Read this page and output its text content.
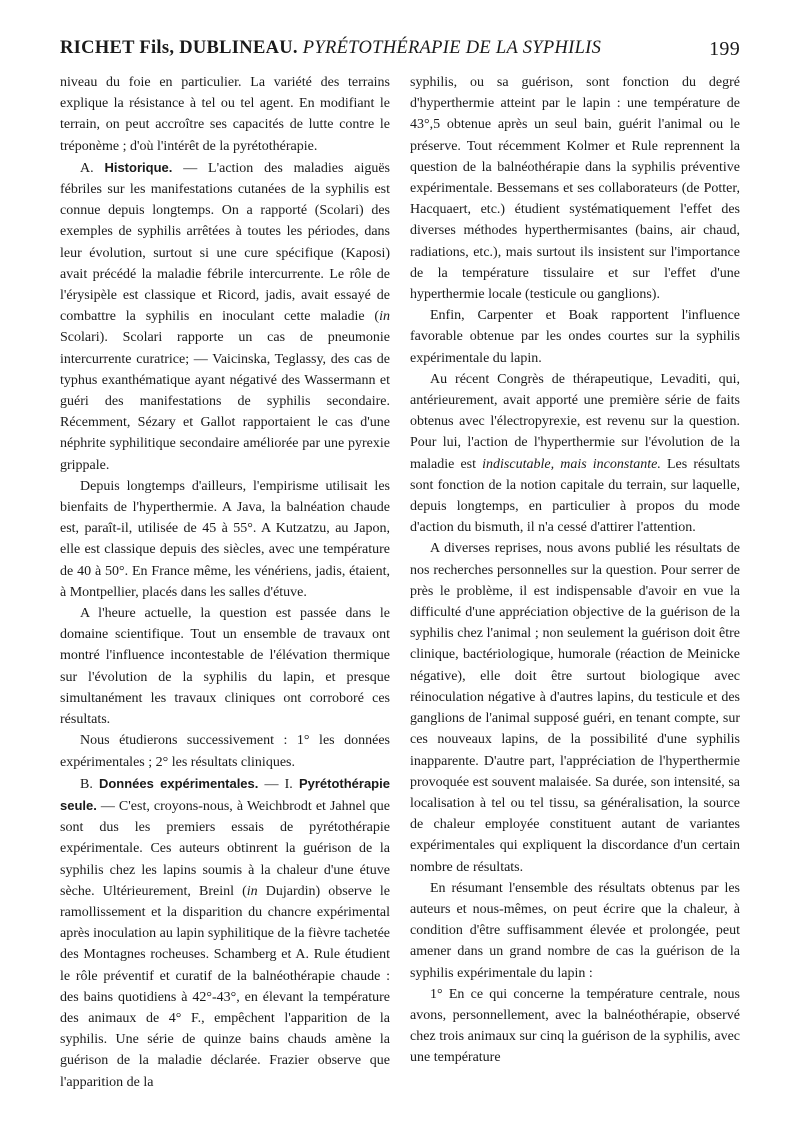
RICHET Fils, DUBLINEAU. PYRÉTOTHÉRAPIE DE LA SYPHILIS	199

niveau du foie en particulier. La variété des terrains explique la résistance à tel ou tel agent. En modifiant le terrain, on peut accroître ses capacités de lutte contre le tréponème ; d'où l'intérêt de la pyrétothérapie.

A. Historique. — L'action des maladies aiguës fébriles sur les manifestations cutanées de la syphilis est connue depuis longtemps. On a rapporté (Scolari) des exemples de syphilis arrêtées à toutes les périodes, dans leur évolution, surtout si une cure spécifique (Kaposi) avait précédé la maladie fébrile intercurrente. Le rôle de l'érysipèle est classique et Ricord, jadis, avait essayé de combattre la syphilis en inoculant cette maladie (in Scolari). Scolari rapporte un cas de pneumonie intercurrente curatrice; — Vaicinska, Teglassy, des cas de typhus exanthématique ayant négativé des Wassermann et guéri des manifestations de syphilis secondaire. Récemment, Sézary et Gallot rapportaient le cas d'une néphrite syphilitique secondaire améliorée par une pyrexie grippale.

Depuis longtemps d'ailleurs, l'empirisme utilisait les bienfaits de l'hyperthermie. A Java, la balnéation chaude est, paraît-il, utilisée de 45 à 55°. A Kutzatzu, au Japon, elle est classique depuis des siècles, avec une température de 40 à 50°. En France même, les vénériens, jadis, étaient, à Montpellier, placés dans les salles d'étuve.

A l'heure actuelle, la question est passée dans le domaine scientifique. Tout un ensemble de travaux ont montré l'influence incontestable de l'élévation thermique sur l'évolution de la syphilis du lapin, et presque simultanément les travaux cliniques ont corroboré ces résultats.

Nous étudierons successivement : 1° les données expérimentales ; 2° les résultats cliniques.

B. Données expérimentales. — I. Pyrétothérapie seule. — C'est, croyons-nous, à Weichbrodt et Jahnel que sont dus les premiers essais de pyrétothérapie expérimentale. Ces auteurs obtinrent la guérison de la syphilis chez les lapins soumis à la chaleur d'une étuve sèche. Ultérieurement, Breinl (in Dujardin) observe le ramollissement et la disparition du chancre expérimental après inoculation au lapin syphilitique de la fièvre tachetée des Montagnes rocheuses. Schamberg et A. Rule étudient le rôle préventif et curatif de la balnéothérapie chaude : des bains quotidiens à 42°-43°, en élevant la température des animaux de 4° F., empêchent l'apparition de la syphilis. Une série de quinze bains chauds amène la guérison de la maladie déclarée. Frazier observe que l'apparition de la

syphilis, ou sa guérison, sont fonction du degré d'hyperthermie atteint par le lapin : une température de 43°,5 obtenue après un seul bain, guérit l'animal ou le préserve. Tout récemment Kolmer et Rule reprennent la question de la balnéothérapie dans la syphilis préventive expérimentale. Bessemans et ses collaborateurs (de Potter, Hacquaert, etc.) étudient systématiquement l'effet des diverses méthodes hyperthermisantes (bains, air chaud, radiations, etc.), mais surtout ils insistent sur l'importance de la température tissulaire et sur l'effet d'une hyperthermie locale (testicule ou ganglions).

Enfin, Carpenter et Boak rapportent l'influence favorable obtenue par les ondes courtes sur la syphilis expérimentale du lapin.

Au récent Congrès de thérapeutique, Levaditi, qui, antérieurement, avait apporté une première série de faits obtenus avec l'électropyrexie, est revenu sur la question. Pour lui, l'action de l'hyperthermie sur l'évolution de la maladie est indiscutable, mais inconstante. Les résultats sont fonction de la notion capitale du terrain, sur laquelle, depuis longtemps, en particulier à propos du mode d'action du bismuth, il n'a cessé d'attirer l'attention.

A diverses reprises, nous avons publié les résultats de nos recherches personnelles sur la question. Pour serrer de près le problème, il est indispensable d'avoir en vue la difficulté d'une appréciation objective de la guérison de la syphilis chez l'animal ; non seulement la guérison doit être clinique, bactériologique, humorale (réaction de Meinicke négative), elle doit être surtout biologique avec réinoculation négative à d'autres lapins, du testicule et des ganglions de l'animal supposé guéri, en tenant compte, sur ces nouveaux lapins, de la possibilité d'une syphilis inapparente. D'autre part, l'appréciation de l'hyperthermie provoquée est souvent malaisée. Sa durée, son intensité, sa localisation à tel ou tel tissu, sa généralisation, la source de chaleur employée constituent autant de variantes expérimentales qui expliquent la discordance d'un certain nombre de résultats.

En résumant l'ensemble des résultats obtenus par les auteurs et nous-mêmes, on peut écrire que la chaleur, à condition d'être suffisamment élevée et prolongée, peut amener dans un grand nombre de cas la guérison de la syphilis expérimentale du lapin :

1° En ce qui concerne la température centrale, nous avons, personnellement, avec la balnéothérapie, observé chez trois animaux sur cinq la guérison de la syphilis, avec une température
